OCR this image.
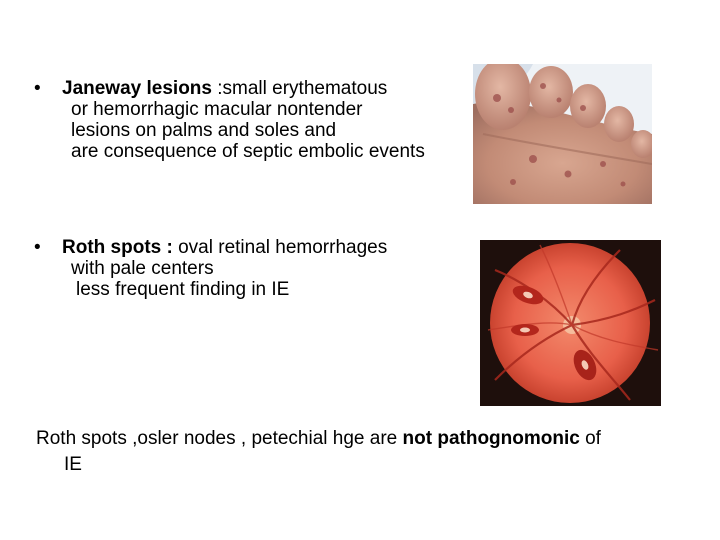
• Janeway lesions :small erythematous
or hemorrhagic macular nontender
lesions on palms and soles and
are consequence of septic embolic events
• Roth spots : oval retinal hemorrhages
with pale centers
less frequent finding in IE
Roth spots ,osler nodes , petechial hge are not pathognomonic of
IE
